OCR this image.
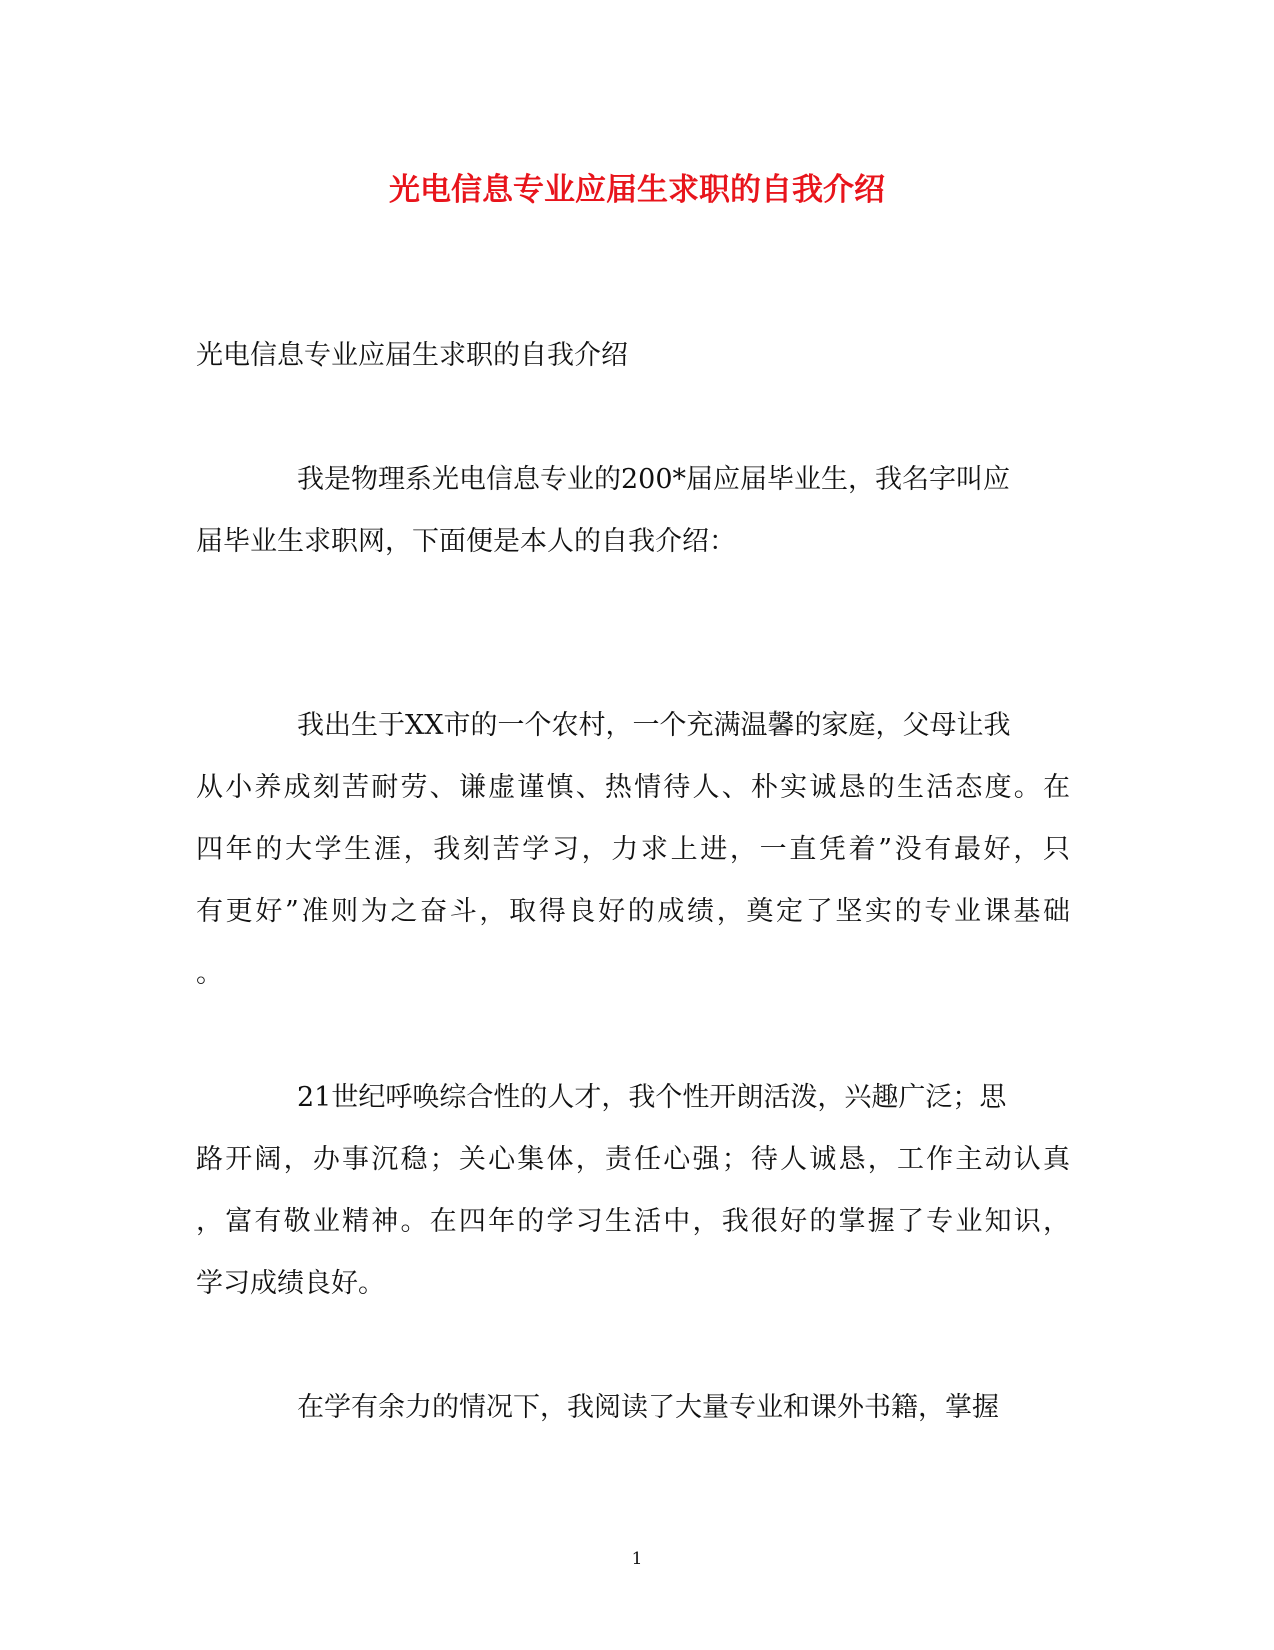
光电信息专业应届生求职的自我介绍

光电信息专业应届生求职的自我介绍

我是物理系光电信息专业的200*届应届毕业生，我名字叫应

届毕业生求职网，下面便是本人的自我介绍：

我出生于XX市的一个农村，一个充满温馨的家庭，父母让我

从小养成刻苦耐劳、谦虚谨慎、热情待人、朴实诚恳的生活态度。在

四年的大学生涯，我刻苦学习，力求上进，一直凭着”没有最好，只

有更好”准则为之奋斗，取得良好的成绩，奠定了坚实的专业课基础

。

21世纪呼唤综合性的人才，我个性开朗活泼，兴趣广泛；思

路开阔，办事沉稳；关心集体，责任心强；待人诚恳，工作主动认真

，富有敬业精神。在四年的学习生活中，我很好的掌握了专业知识，

学习成绩良好。

在学有余力的情况下，我阅读了大量专业和课外书籍，掌握

1
